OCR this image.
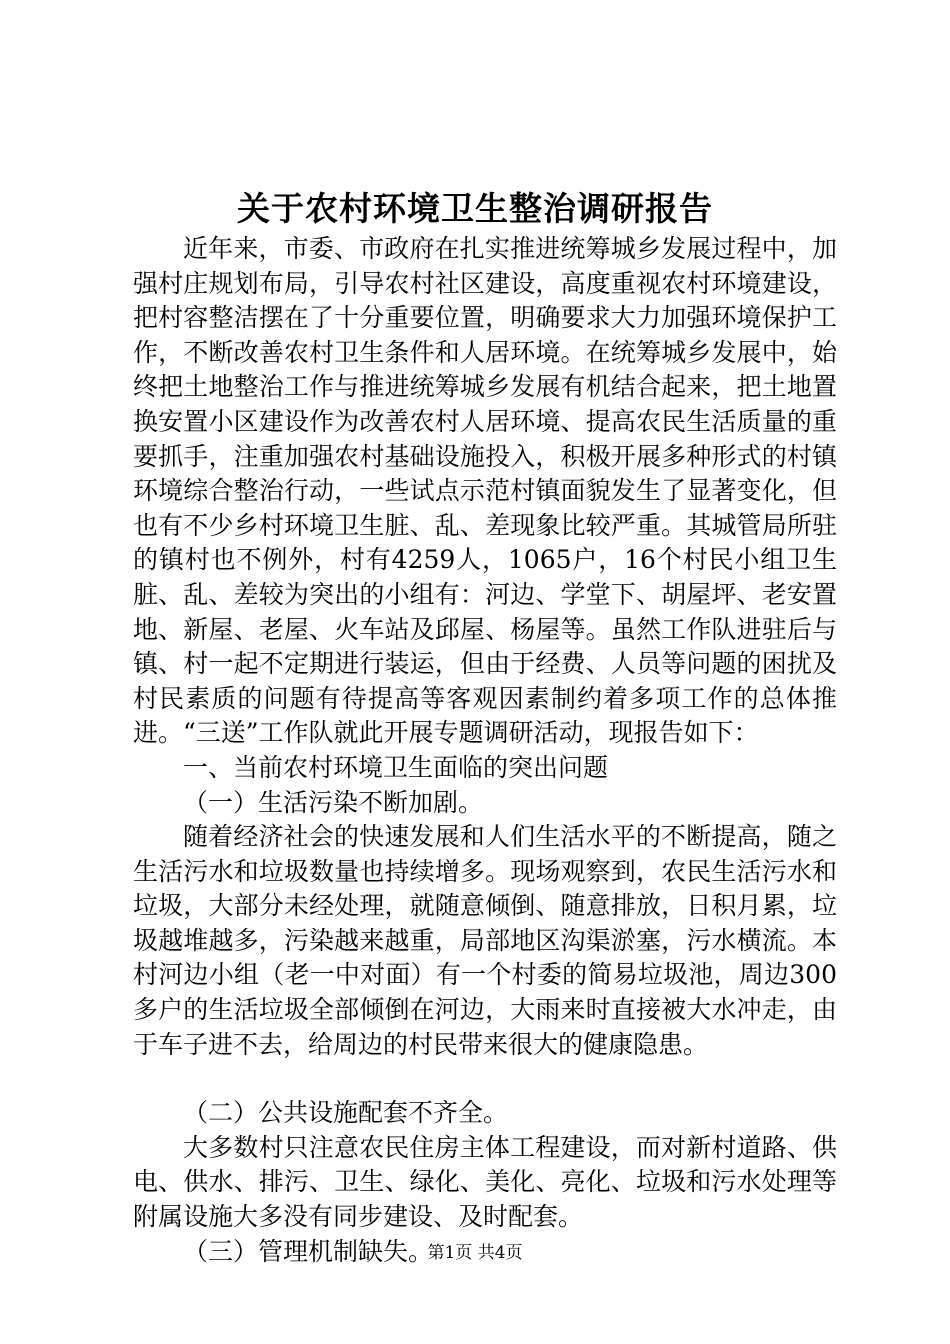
关于农村环境卫生整治调研报告

近年来，市委、市政府在扎实推进统筹城乡发展过程中，加强村庄规划布局，引导农村社区建设，高度重视农村环境建设，把村容整洁摆在了十分重要位置，明确要求大力加强环境保护工作，不断改善农村卫生条件和人居环境。在统筹城乡发展中，始终把土地整治工作与推进统筹城乡发展有机结合起来，把土地置换安置小区建设作为改善农村人居环境、提高农民生活质量的重要抓手，注重加强农村基础设施投入，积极开展多种形式的村镇环境综合整治行动，一些试点示范村镇面貌发生了显著变化，但也有不少乡村环境卫生脏、乱、差现象比较严重。其城管局所驻的镇村也不例外，村有4259人，1065户，16个村民小组卫生脏、乱、差较为突出的小组有：河边、学堂下、胡屋坪、老安置地、新屋、老屋、火车站及邱屋、杨屋等。虽然工作队进驻后与镇、村一起不定期进行装运，但由于经费、人员等问题的困扰及村民素质的问题有待提高等客观因素制约着多项工作的总体推进。“三送”工作队就此开展专题调研活动，现报告如下：

一、当前农村环境卫生面临的突出问题

（一）生活污染不断加剧。

随着经济社会的快速发展和人们生活水平的不断提高，随之生活污水和垃圾数量也持续增多。现场观察到，农民生活污水和垃圾，大部分未经处理，就随意倾倒、随意排放，日积月累，垃圾越堆越多，污染越来越重，局部地区沟渠淤塞，污水横流。本村河边小组（老一中对面）有一个村委的简易垃圾池，周边300多户的生活垃圾全部倾倒在河边，大雨来时直接被大水冲走，由于车子进不去，给周边的村民带来很大的健康隐患。

（二）公共设施配套不齐全。

大多数村只注意农民住房主体工程建设，而对新村道路、供电、供水、排污、卫生、绿化、美化、亮化、垃圾和污水处理等附属设施大多没有同步建设、及时配套。

（三）管理机制缺失。

第1页 共4页
